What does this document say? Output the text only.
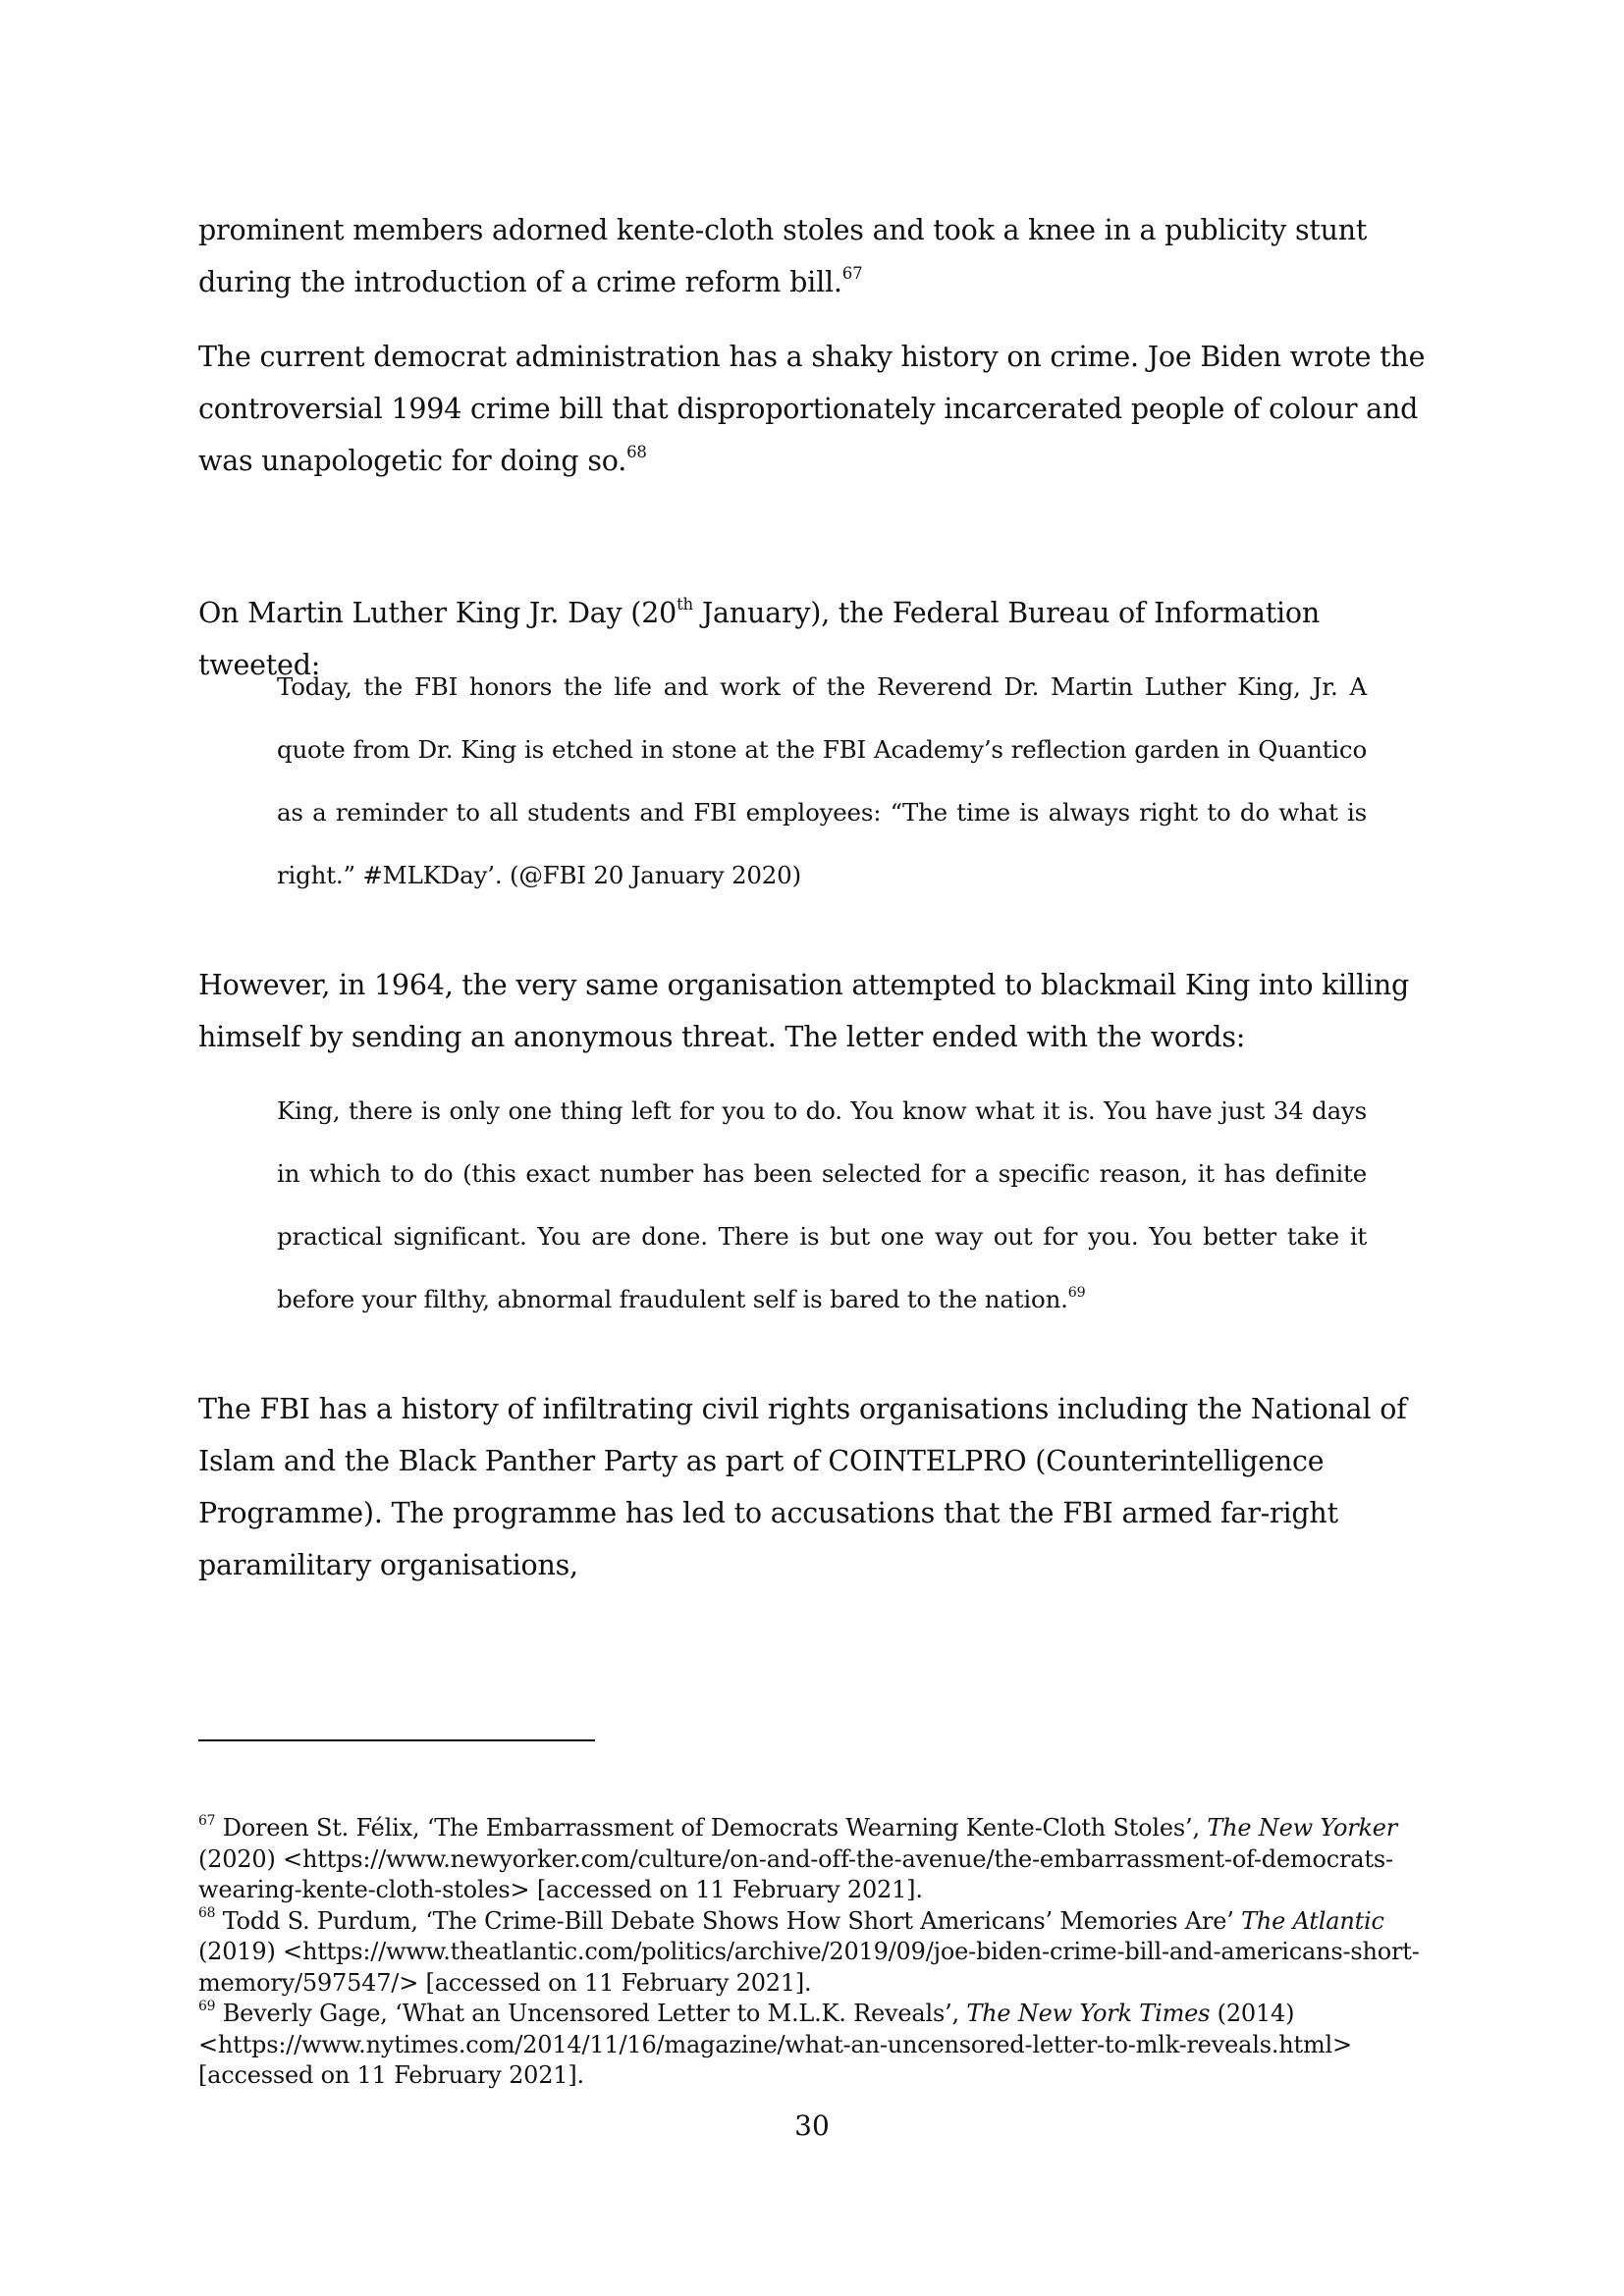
prominent members adorned kente-cloth stoles and took a knee in a publicity stunt during the introduction of a crime reform bill.$^{67}$

The current democrat administration has a shaky history on crime. Joe Biden wrote the controversial 1994 crime bill that disproportionately incarcerated people of colour and was unapologetic for doing so.$^{68}$

On Martin Luther King Jr. Day (20th January), the Federal Bureau of Information tweeted:

Today, the FBI honors the life and work of the Reverend Dr. Martin Luther King, Jr. A quote from Dr. King is etched in stone at the FBI Academy’s reflection garden in Quantico as a reminder to all students and FBI employees: “The time is always right to do what is right.” #MLKDay’. (@FBI 20 January 2020)

However, in 1964, the very same organisation attempted to blackmail King into killing himself by sending an anonymous threat. The letter ended with the words:

King, there is only one thing left for you to do. You know what it is. You have just 34 days in which to do (this exact number has been selected for a specific reason, it has definite practical significant. You are done. There is but one way out for you. You better take it before your filthy, abnormal fraudulent self is bared to the nation.$^{69}$

The FBI has a history of infiltrating civil rights organisations including the National of Islam and the Black Panther Party as part of COINTELPRO (Counterintelligence Programme). The programme has led to accusations that the FBI armed far-right paramilitary organisations,

$^{67}$ Doreen St. Félix, ‘The Embarrassment of Democrats Wearning Kente-Cloth Stoles’, The New Yorker (2020) <https://www.newyorker.com/culture/on-and-off-the-avenue/the-embarrassment-of-democrats-wearing-kente-cloth-stoles> [accessed on 11 February 2021].

$^{68}$ Todd S. Purdum, ‘The Crime-Bill Debate Shows How Short Americans’ Memories Are’ The Atlantic (2019) <https://www.theatlantic.com/politics/archive/2019/09/joe-biden-crime-bill-and-americans-short-memory/597547/> [accessed on 11 February 2021].

$^{69}$ Beverly Gage, ‘What an Uncensored Letter to M.L.K. Reveals’, The New York Times (2014) <https://www.nytimes.com/2014/11/16/magazine/what-an-uncensored-letter-to-mlk-reveals.html> [accessed on 11 February 2021].

30
